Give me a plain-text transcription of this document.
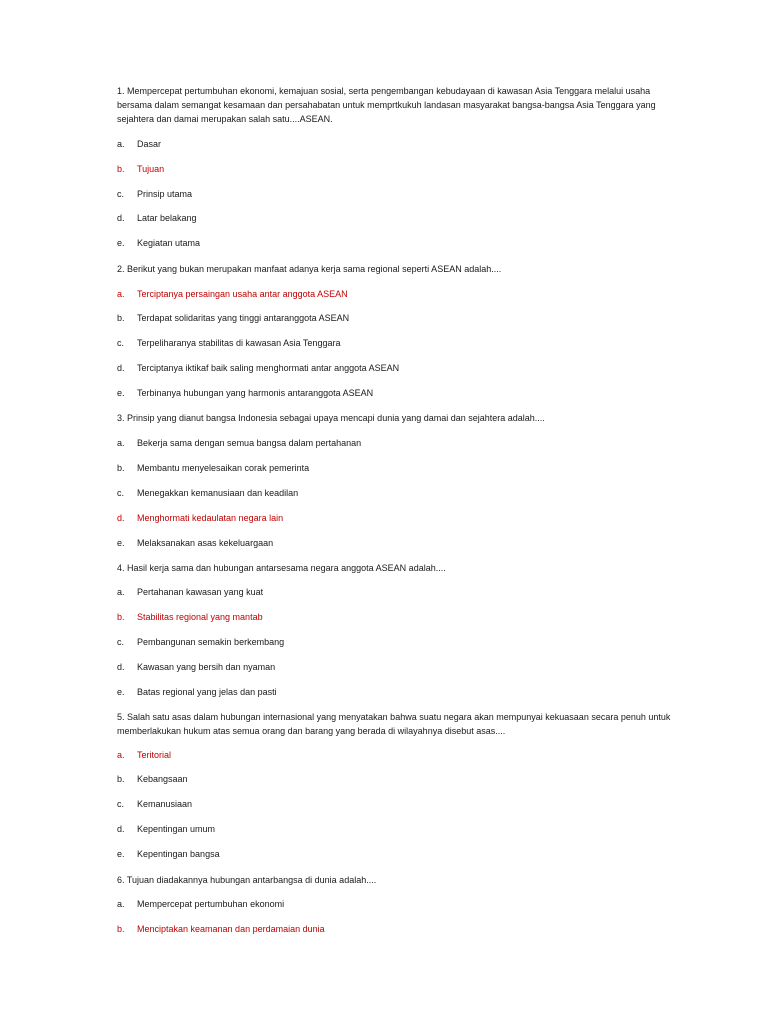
1. Mempercepat pertumbuhan ekonomi, kemajuan sosial, serta pengembangan kebudayaan di kawasan Asia Tenggara melalui usaha bersama dalam semangat kesamaan dan persahabatan untuk memprtkukuh landasan masyarakat bangsa-bangsa Asia Tenggara yang sejahtera dan damai merupakan salah satu....ASEAN.

a. Dasar
b. Tujuan
c. Prinsip utama
d. Latar belakang
e. Kegiatan utama

2. Berikut yang bukan merupakan manfaat adanya kerja sama regional seperti ASEAN adalah....

a. Terciptanya persaingan usaha antar anggota ASEAN
b. Terdapat solidaritas yang tinggi antaranggota ASEAN
c. Terpeliharanya stabilitas di kawasan Asia Tenggara
d. Terciptanya iktikaf baik saling menghormati antar anggota ASEAN
e. Terbinanya hubungan yang harmonis antaranggota ASEAN

3. Prinsip yang dianut bangsa Indonesia sebagai upaya mencapi dunia yang damai dan sejahtera adalah....

a. Bekerja sama dengan semua bangsa dalam pertahanan
b. Membantu menyelesaikan corak pemerinta
c. Menegakkan kemanusiaan dan keadilan
d. Menghormati kedaulatan negara lain
e. Melaksanakan asas kekeluargaan

4. Hasil kerja sama dan hubungan antarsesama negara anggota ASEAN adalah....

a. Pertahanan kawasan yang kuat
b. Stabilitas regional yang mantab
c. Pembangunan semakin berkembang
d. Kawasan yang bersih dan nyaman
e. Batas regional yang jelas dan pasti

5. Salah satu asas dalam hubungan internasional yang menyatakan bahwa suatu negara akan mempunyai kekuasaan secara penuh untuk memberlakukan hukum atas semua orang dan barang yang berada di wilayahnya disebut asas....

a. Teritorial
b. Kebangsaan
c. Kemanusiaan
d. Kepentingan umum
e. Kepentingan bangsa

6. Tujuan diadakannya hubungan antarbangsa di dunia adalah....

a. Mempercepat pertumbuhan ekonomi
b. Menciptakan keamanan dan perdamaian dunia
